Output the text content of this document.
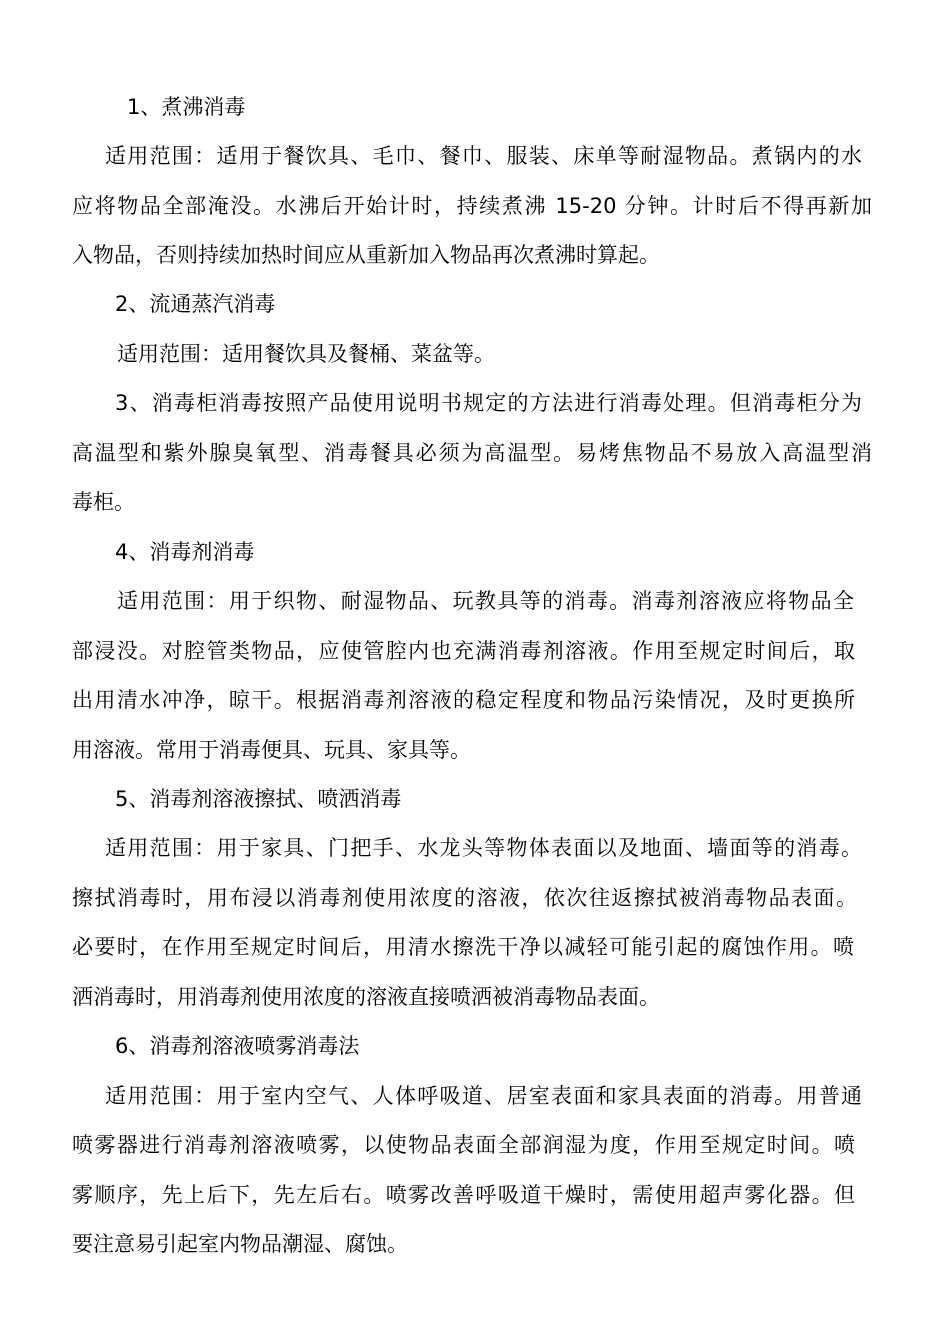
1、煮沸消毒
适用范围：适用于餐饮具、毛巾、餐巾、服装、床单等耐湿物品。煮锅内的水
应将物品全部淹没。水沸后开始计时，持续煮沸 15-20 分钟。计时后不得再新加
入物品，否则持续加热时间应从重新加入物品再次煮沸时算起。
2、流通蒸汽消毒
适用范围：适用餐饮具及餐桶、菜盆等。
3、消毒柜消毒按照产品使用说明书规定的方法进行消毒处理。但消毒柜分为
高温型和紫外腺臭氧型、消毒餐具必须为高温型。易烤焦物品不易放入高温型消
毒柜。
4、消毒剂消毒
适用范围：用于织物、耐湿物品、玩教具等的消毒。消毒剂溶液应将物品全
部浸没。对腔管类物品，应使管腔内也充满消毒剂溶液。作用至规定时间后，取
出用清水冲净，晾干。根据消毒剂溶液的稳定程度和物品污染情况，及时更换所
用溶液。常用于消毒便具、玩具、家具等。
5、消毒剂溶液擦拭、喷洒消毒
适用范围：用于家具、门把手、水龙头等物体表面以及地面、墙面等的消毒。
擦拭消毒时，用布浸以消毒剂使用浓度的溶液，依次往返擦拭被消毒物品表面。
必要时，在作用至规定时间后，用清水擦洗干净以减轻可能引起的腐蚀作用。喷
洒消毒时，用消毒剂使用浓度的溶液直接喷洒被消毒物品表面。
6、消毒剂溶液喷雾消毒法
适用范围：用于室内空气、人体呼吸道、居室表面和家具表面的消毒。用普通
喷雾器进行消毒剂溶液喷雾，以使物品表面全部润湿为度，作用至规定时间。喷
雾顺序，先上后下，先左后右。喷雾改善呼吸道干燥时，需使用超声雾化器。但
要注意易引起室内物品潮湿、腐蚀。
